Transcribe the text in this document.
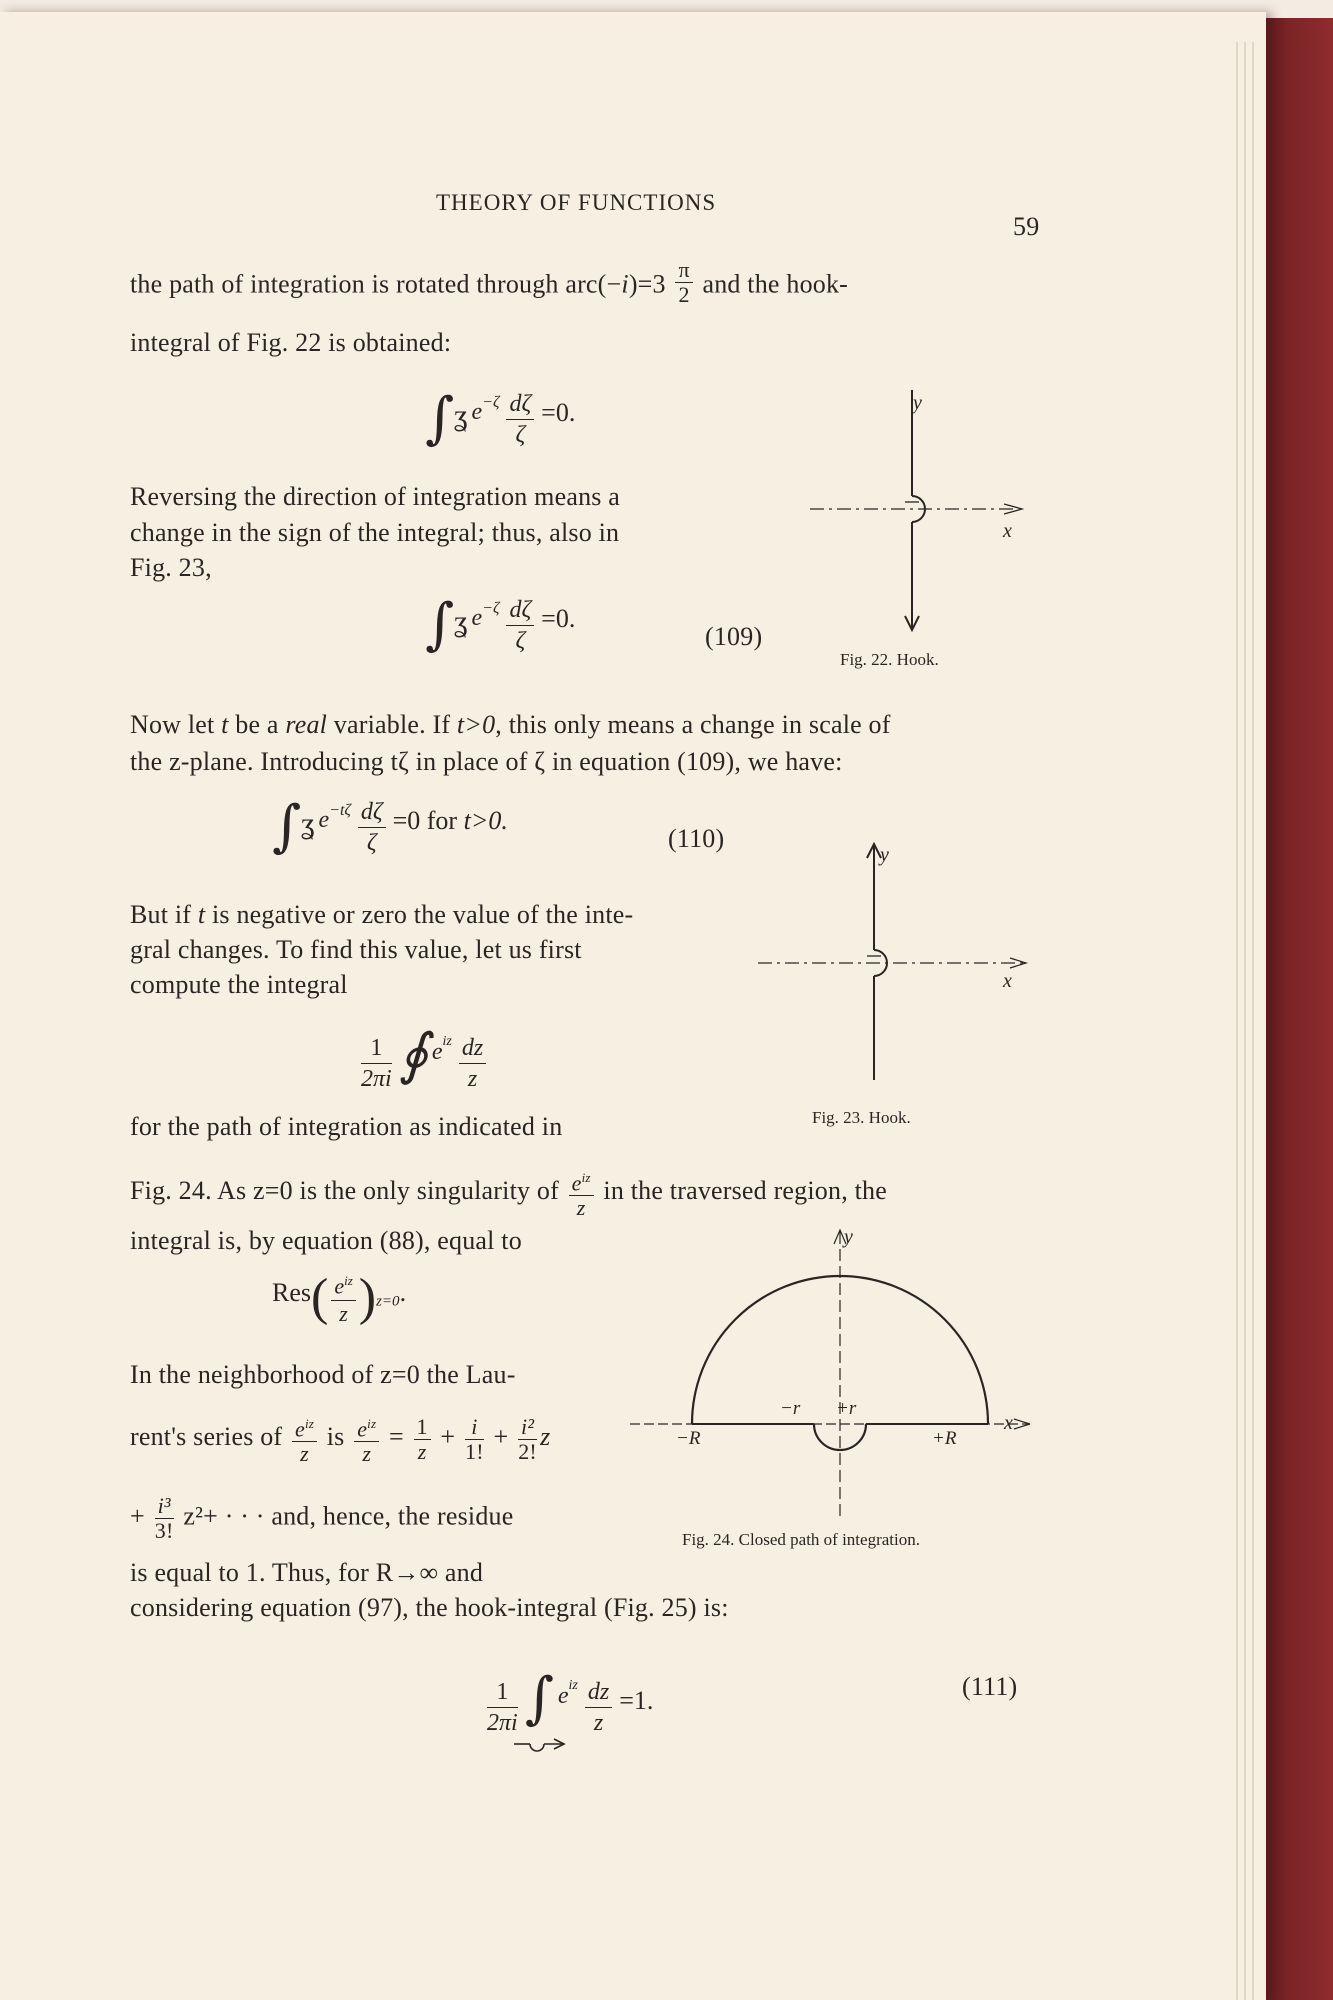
THEORY OF FUNCTIONS
59
the path of integration is rotated through $arc(-i)=3 \frac{\pi}{2}$ and the hook-
integral of Fig. 22 is obtained:
∫ʓ $e^{-\zeta} \frac{d\zeta}{\zeta} =0$.
Reversing the direction of integration means a
change in the sign of the integral; thus, also in
Fig. 23,
∫ʓ $e^{-\zeta} \frac{d\zeta}{\zeta} =0$.
(109)
y
x
Fig. 22. Hook.
Now let t be a real variable. If t>0, this only means a change in scale of
the z-plane. Introducing tζ in place of ζ in equation (109), we have:
∫ʓ $e^{-t\zeta} \frac{d\zeta}{\zeta} =0$ for t>0.
(110)
But if t is negative or zero the value of the inte-
gral changes. To find this value, let us first
compute the integral
$\frac{1}{2\pi i}$ ∮ $e^{iz} \frac{dz}{z}$
y
x
Fig. 23. Hook.
for the path of integration as indicated in
Fig. 24. As z=0 is the only singularity of $\frac{e^{iz}}{z}$ in the traversed region, the
integral is, by equation (88), equal to
$Res( \frac{e^{iz}}{z} )_{z=0}$.
In the neighborhood of z=0 the Lau-
rent's series of $\frac{e^{iz}}{z}$ is $\frac{e^{iz}}{z} = \frac{1}{z} + \frac{i}{1!} + \frac{\text{i²}}{2!}$ z
+ $\frac{\text{i³}}{3!} z^2+$ · · · and, hence, the residue
is equal to 1. Thus, for R→∞ and
considering equation (97), the hook-integral (Fig. 25) is:
y
x
−R	+R
−r +r
Fig. 24. Closed path of integration.
$\frac{1}{2\pi i}$ ∫ $e^{iz} \frac{dz}{z} =1$.	(111)
